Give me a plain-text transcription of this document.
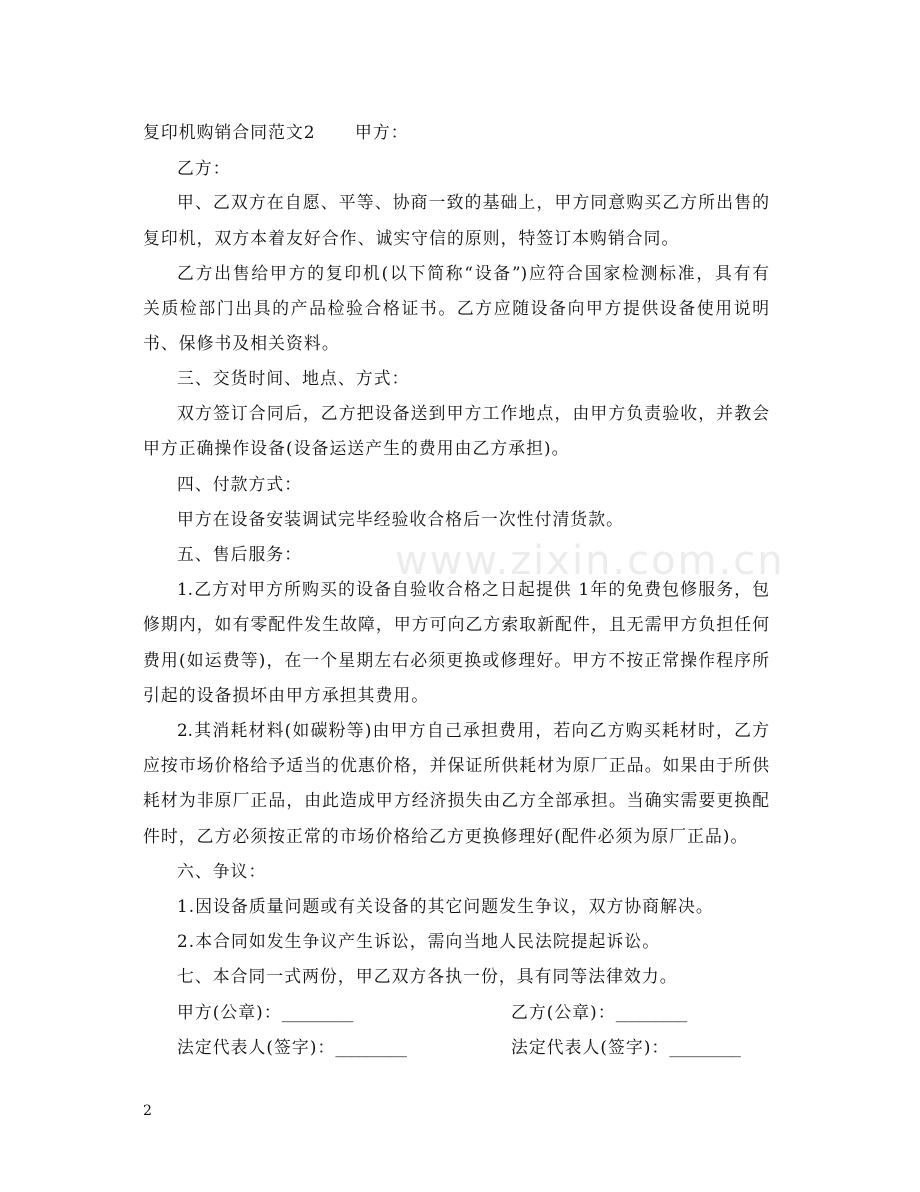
www.zixin.com.cn
复印机购销合同范文2 甲方：
乙方：
甲、乙双方在自愿、平等、协商一致的基础上，甲方同意购买乙方所出售的
复印机，双方本着友好合作、诚实守信的原则，特签订本购销合同。
乙方出售给甲方的复印机(以下简称“设备”)应符合国家检测标准，具有有
关质检部门出具的产品检验合格证书。乙方应随设备向甲方提供设备使用说明
书、保修书及相关资料。
三、交货时间、地点、方式：
双方签订合同后，乙方把设备送到甲方工作地点，由甲方负责验收，并教会
甲方正确操作设备(设备运送产生的费用由乙方承担)。
四、付款方式：
甲方在设备安装调试完毕经验收合格后一次性付清货款。
五、售后服务：
1.乙方对甲方所购买的设备自验收合格之日起提供 1年的免费包修服务，包
修期内，如有零配件发生故障，甲方可向乙方索取新配件，且无需甲方负担任何
费用(如运费等)，在一个星期左右必须更换或修理好。甲方不按正常操作程序所
引起的设备损坏由甲方承担其费用。
2.其消耗材料(如碳粉等)由甲方自己承担费用，若向乙方购买耗材时，乙方
应按市场价格给予适当的优惠价格，并保证所供耗材为原厂正品。如果由于所供
耗材为非原厂正品，由此造成甲方经济损失由乙方全部承担。当确实需要更换配
件时，乙方必须按正常的市场价格给乙方更换修理好(配件必须为原厂正品)。
六、争议：
1.因设备质量问题或有关设备的其它问题发生争议，双方协商解决。
2.本合同如发生争议产生诉讼，需向当地人民法院提起诉讼。
七、本合同一式两份，甲乙双方各执一份，具有同等法律效力。
甲方(公章)：_________	乙方(公章)：_________
法定代表人(签字)：_________	法定代表人(签字)：_________
2
